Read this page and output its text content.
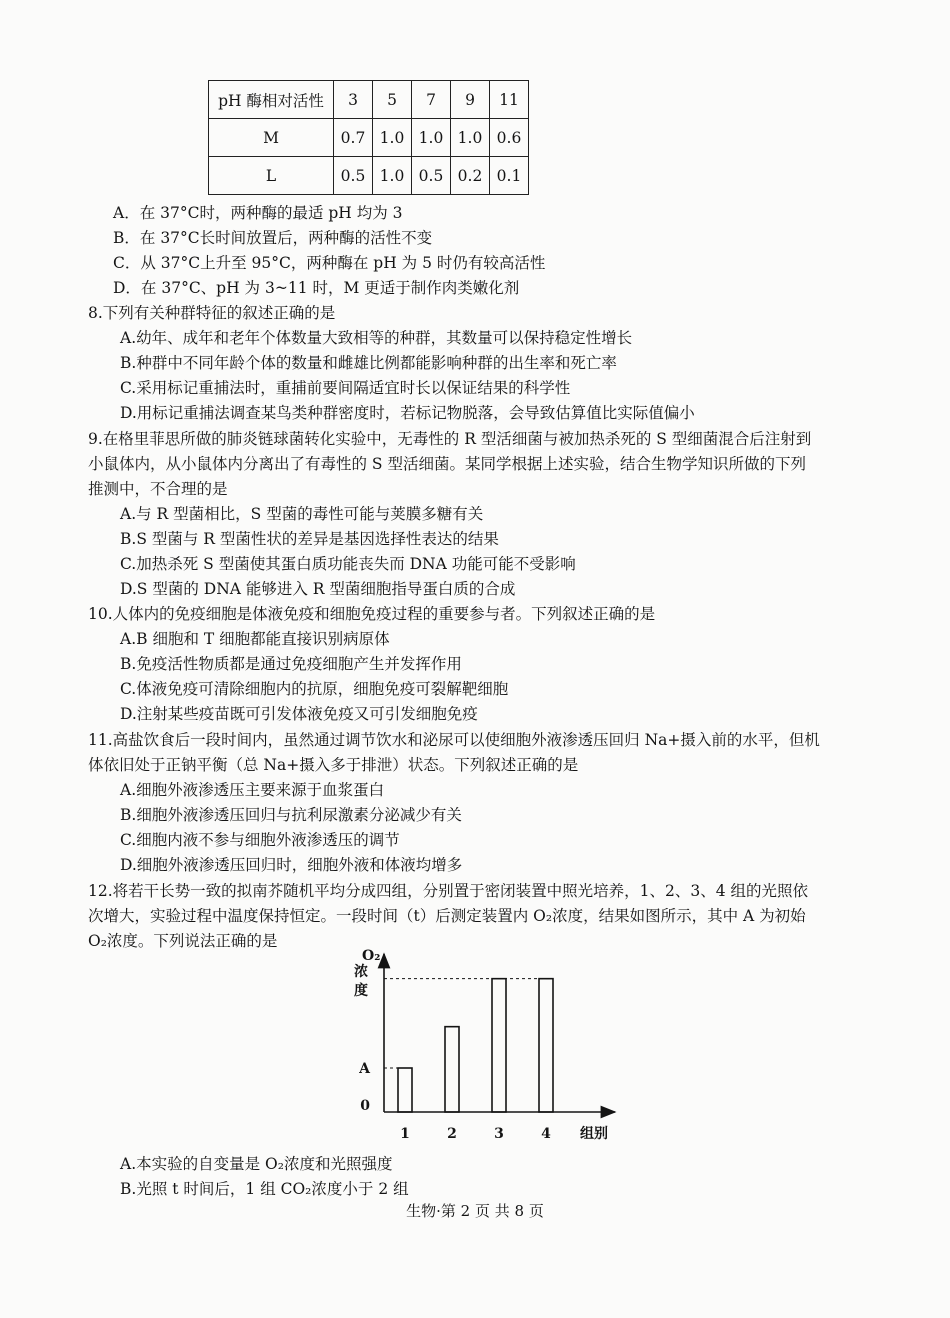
pH 酶相对活性	3	5	7	9	11
M	0.7	1.0	1.0	1.0	0.6
L	0.5	1.0	0.5	0.2	0.1
A．在 37°C时，两种酶的最适 pH 均为 3
B．在 37°C长时间放置后，两种酶的活性不变
C．从 37°C上升至 95°C，两种酶在 pH 为 5 时仍有较高活性
D．在 37°C、pH 为 3~11 时，M 更适于制作肉类嫩化剂
8.下列有关种群特征的叙述正确的是
A.幼年、成年和老年个体数量大致相等的种群，其数量可以保持稳定性增长
B.种群中不同年龄个体的数量和雌雄比例都能影响种群的出生率和死亡率
C.采用标记重捕法时，重捕前要间隔适宜时长以保证结果的科学性
D.用标记重捕法调查某鸟类种群密度时，若标记物脱落，会导致估算值比实际值偏小
9.在格里菲思所做的肺炎链球菌转化实验中，无毒性的 R 型活细菌与被加热杀死的 S 型细菌混合后注射到
小鼠体内，从小鼠体内分离出了有毒性的 S 型活细菌。某同学根据上述实验，结合生物学知识所做的下列
推测中，不合理的是
A.与 R 型菌相比，S 型菌的毒性可能与荚膜多糖有关
B.S 型菌与 R 型菌性状的差异是基因选择性表达的结果
C.加热杀死 S 型菌使其蛋白质功能丧失而 DNA 功能可能不受影响
D.S 型菌的 DNA 能够进入 R 型菌细胞指导蛋白质的合成
10.人体内的免疫细胞是体液免疫和细胞免疫过程的重要参与者。下列叙述正确的是
A.B 细胞和 T 细胞都能直接识别病原体
B.免疫活性物质都是通过免疫细胞产生并发挥作用
C.体液免疫可清除细胞内的抗原，细胞免疫可裂解靶细胞
D.注射某些疫苗既可引发体液免疫又可引发细胞免疫
11.高盐饮食后一段时间内，虽然通过调节饮水和泌尿可以使细胞外液渗透压回归 Na+摄入前的水平，但机
体依旧处于正钠平衡（总 Na+摄入多于排泄）状态。下列叙述正确的是
A.细胞外液渗透压主要来源于血浆蛋白
B.细胞外液渗透压回归与抗利尿激素分泌减少有关
C.细胞内液不参与细胞外液渗透压的调节
D.细胞外液渗透压回归时，细胞外液和体液均增多
12.将若干长势一致的拟南芥随机平均分成四组，分别置于密闭装置中照光培养，1、2、3、4 组的光照依
次增大，实验过程中温度保持恒定。一段时间（t）后测定装置内 O₂浓度，结果如图所示，其中 A 为初始
O₂浓度。下列说法正确的是
1	2	3	4
A
0
O₂
浓
度
组别
A.本实验的自变量是 O₂浓度和光照强度
B.光照 t 时间后，1 组 CO₂浓度小于 2 组
生物·第 2 页 共 8 页
